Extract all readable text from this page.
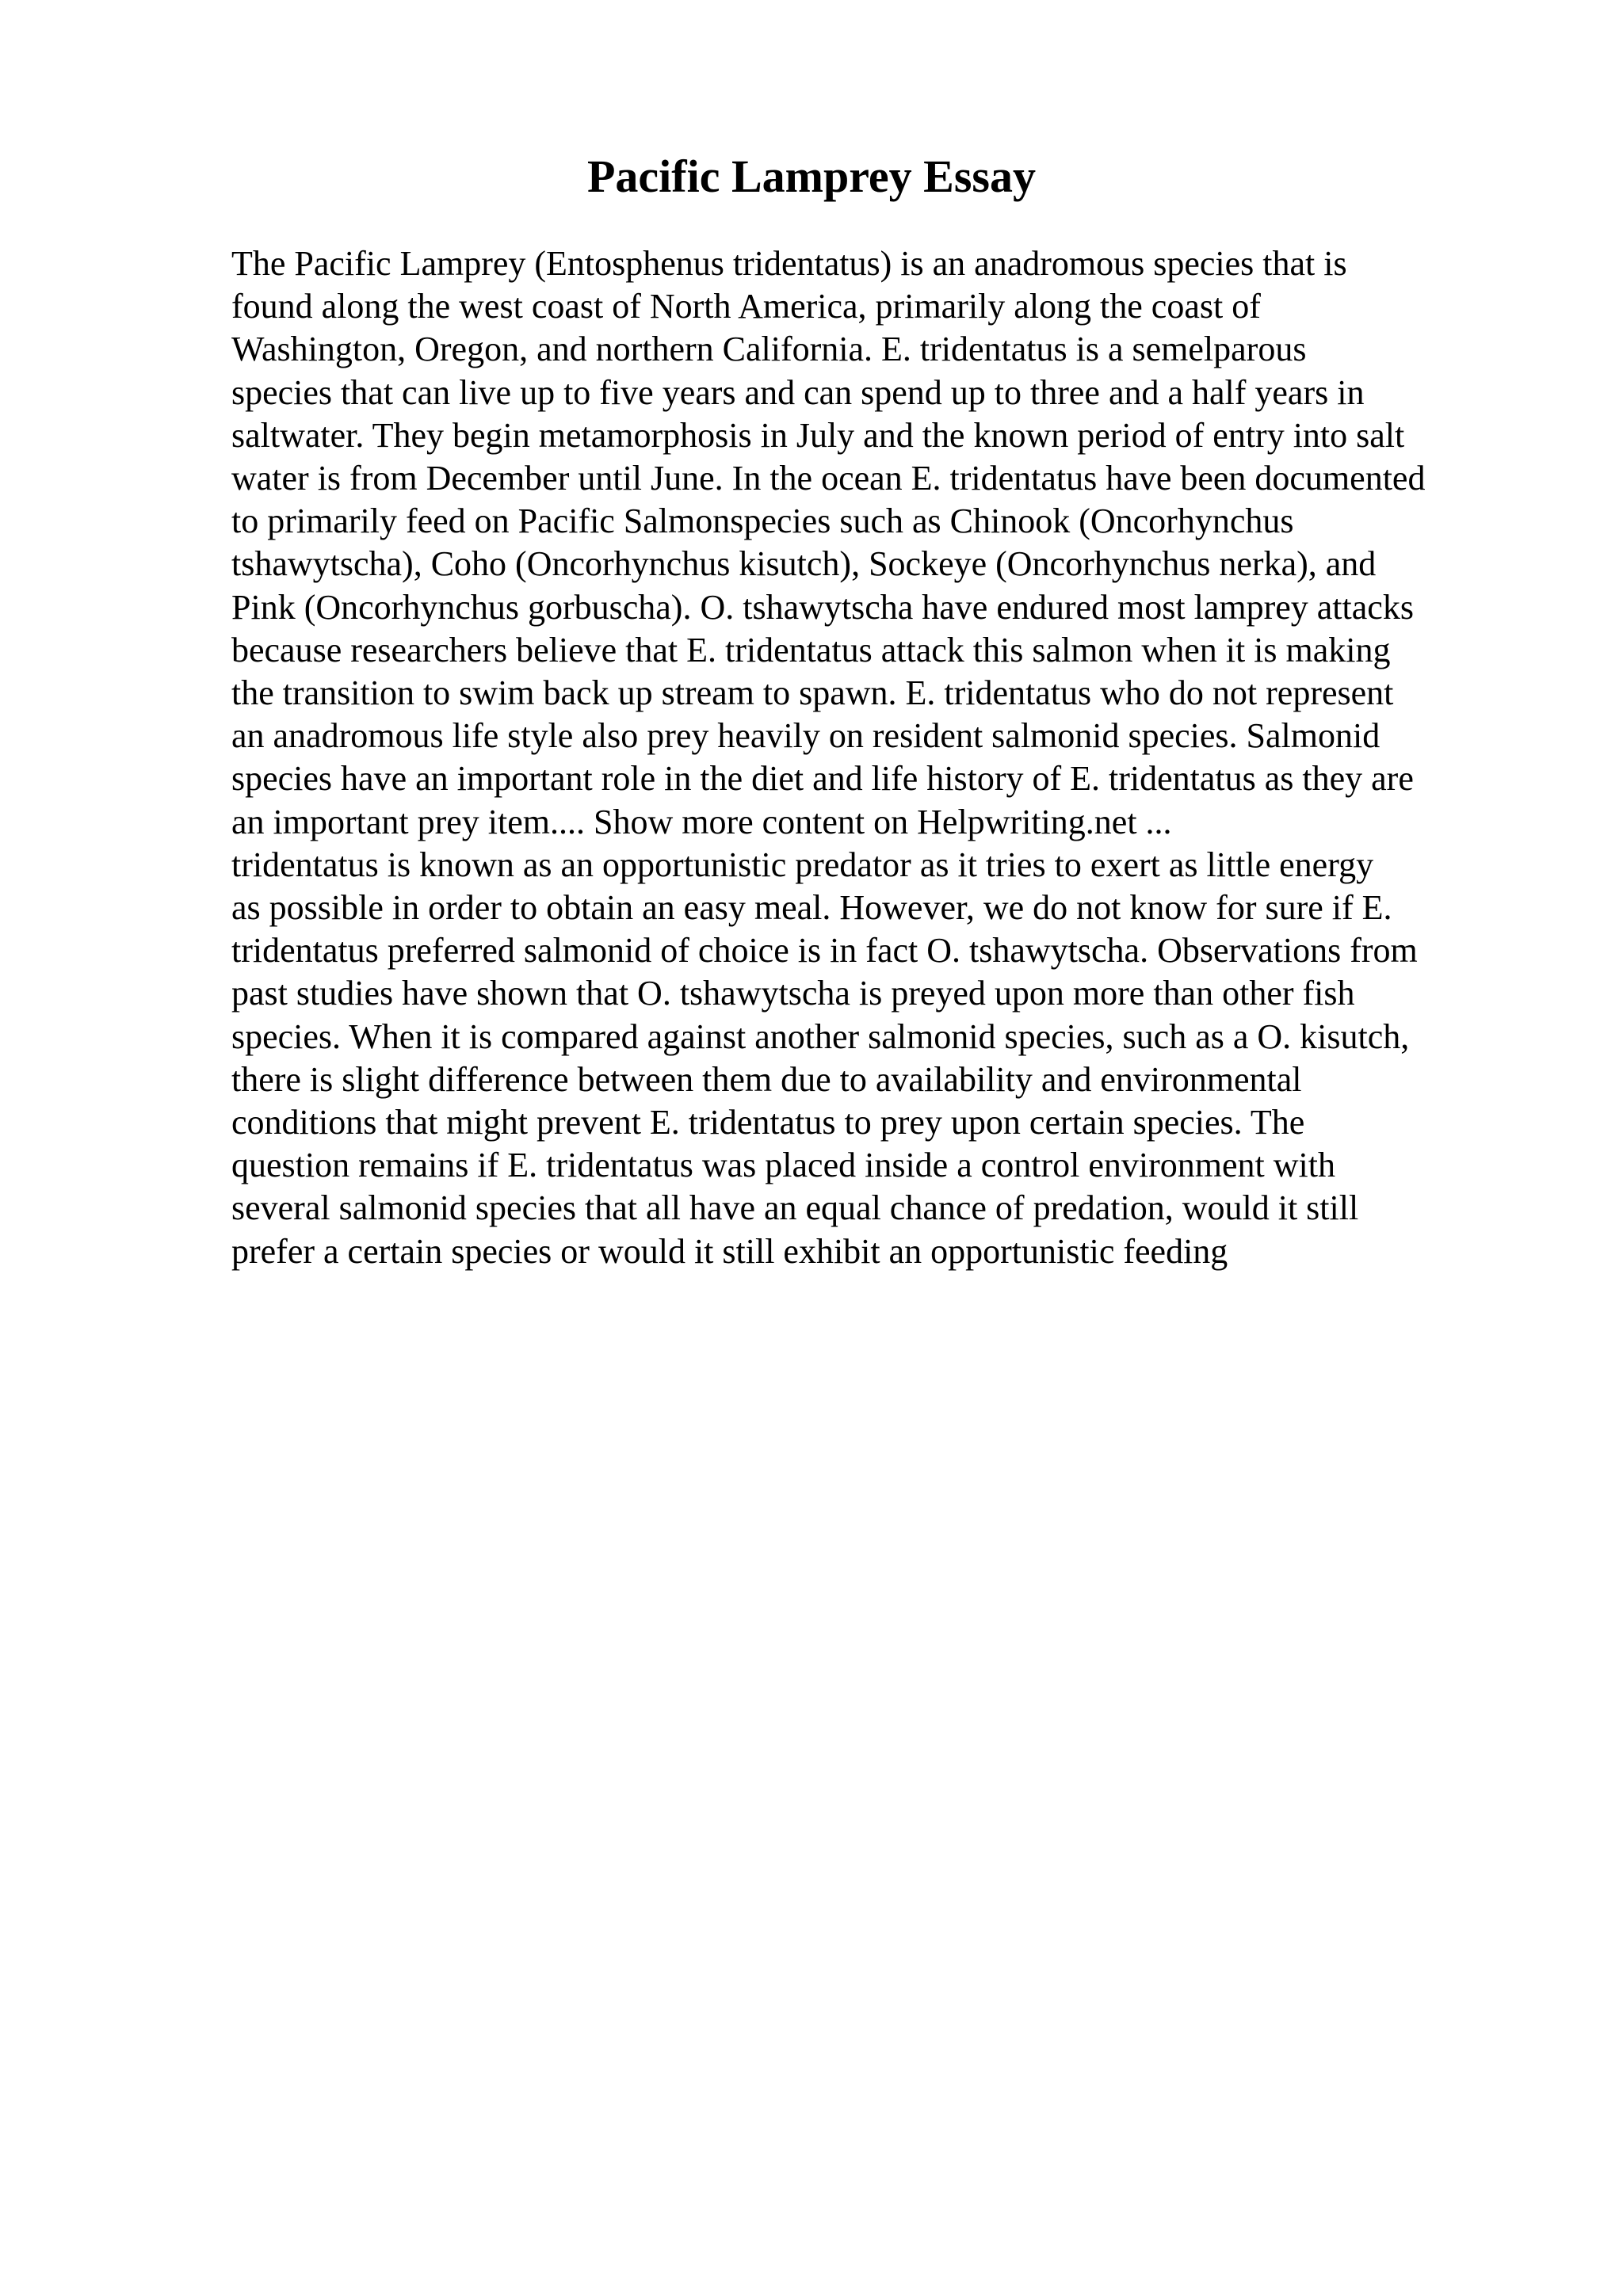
Pacific Lamprey Essay
The Pacific Lamprey (Entosphenus tridentatus) is an anadromous species that is
found along the west coast of North America, primarily along the coast of
Washington, Oregon, and northern California. E. tridentatus is a semelparous
species that can live up to five years and can spend up to three and a half years in
saltwater. They begin metamorphosis in July and the known period of entry into salt
water is from December until June. In the ocean E. tridentatus have been documented
to primarily feed on Pacific Salmonspecies such as Chinook (Oncorhynchus
tshawytscha), Coho (Oncorhynchus kisutch), Sockeye (Oncorhynchus nerka), and
Pink (Oncorhynchus gorbuscha). O. tshawytscha have endured most lamprey attacks
because researchers believe that E. tridentatus attack this salmon when it is making
the transition to swim back up stream to spawn. E. tridentatus who do not represent
an anadromous life style also prey heavily on resident salmonid species. Salmonid
species have an important role in the diet and life history of E. tridentatus as they are
an important prey item.... Show more content on Helpwriting.net ...
tridentatus is known as an opportunistic predator as it tries to exert as little energy
as possible in order to obtain an easy meal. However, we do not know for sure if E.
tridentatus preferred salmonid of choice is in fact O. tshawytscha. Observations from
past studies have shown that O. tshawytscha is preyed upon more than other fish
species. When it is compared against another salmonid species, such as a O. kisutch,
there is slight difference between them due to availability and environmental
conditions that might prevent E. tridentatus to prey upon certain species. The
question remains if E. tridentatus was placed inside a control environment with
several salmonid species that all have an equal chance of predation, would it still
prefer a certain species or would it still exhibit an opportunistic feeding
